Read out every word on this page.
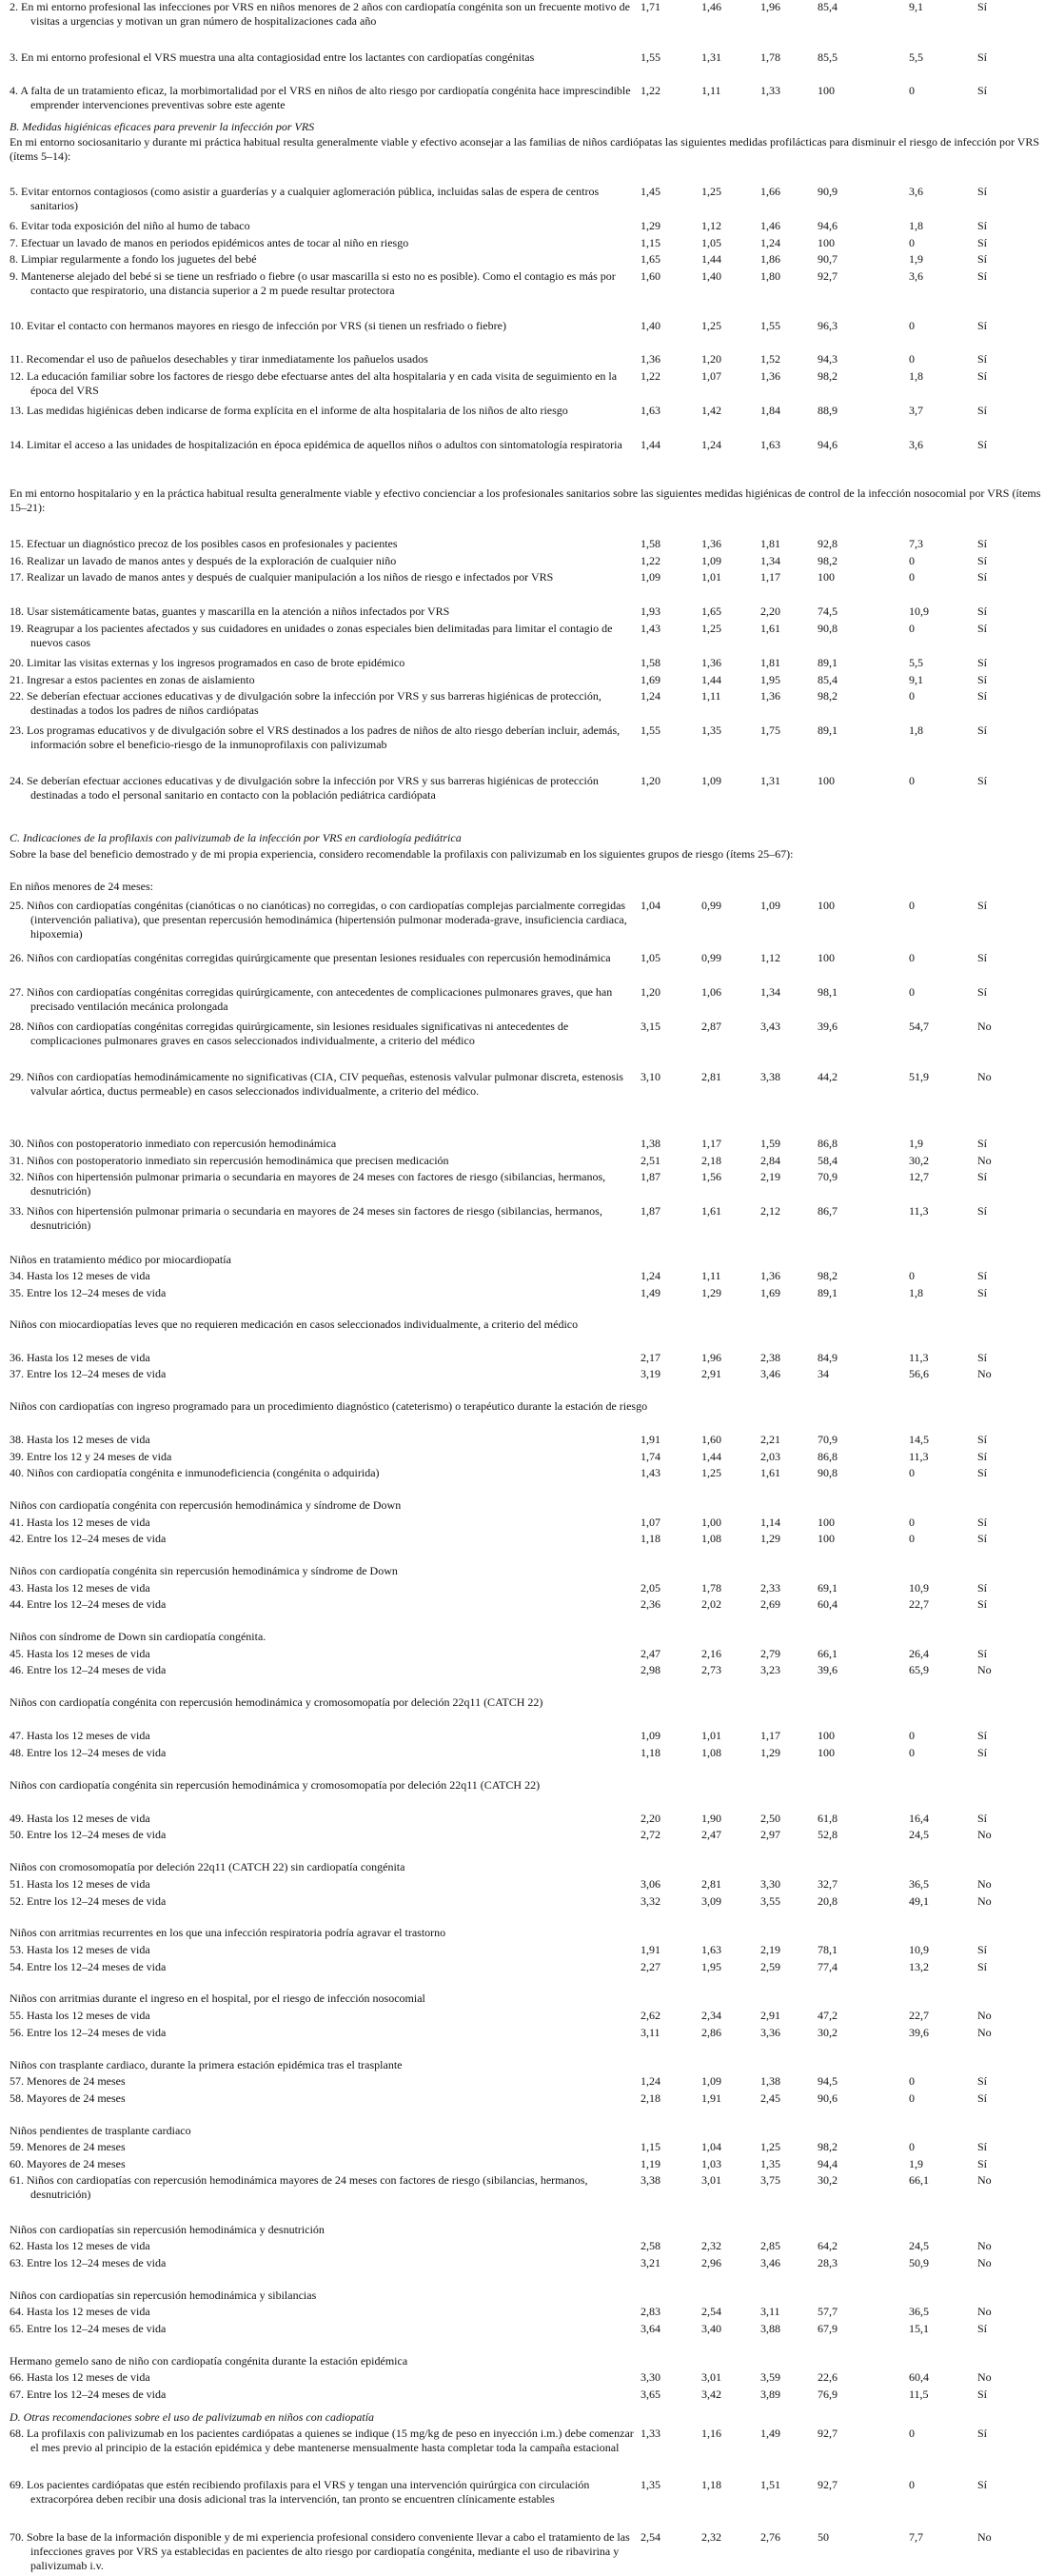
2. En mi entorno profesional las infecciones por VRS en niños menores de 2 años con cardiopatía congénita son un frecuente motivo de visitas a urgencias y motivan un gran número de hospitalizaciones cada año
1,71	1,46	1,96	85,4	9,1	Sí
3. En mi entorno profesional el VRS muestra una alta contagiosidad entre los lactantes con cardiopatías congénitas	1,55	1,31	1,78	85,5	5,5	Sí
4. A falta de un tratamiento eficaz, la morbimortalidad por el VRS en niños de alto riesgo por cardiopatía congénita hace imprescindible emprender intervenciones preventivas sobre este agente
1,22	1,11	1,33	100	0	Sí
B. Medidas higiénicas eficaces para prevenir la infección por VRS
En mi entorno sociosanitario y durante mi práctica habitual resulta generalmente viable y efectivo aconsejar a las familias de niños cardiópatas las siguientes medidas profilácticas para disminuir el riesgo de infección por VRS (ítems 5–14):
5. Evitar entornos contagiosos (como asistir a guarderías y a cualquier aglomeración pública, incluidas salas de espera de centros sanitarios)
1,45	1,25	1,66	90,9	3,6	Sí
6. Evitar toda exposición del niño al humo de tabaco	1,29	1,12	1,46	94,6	1,8	Sí
7. Efectuar un lavado de manos en periodos epidémicos antes de tocar al niño en riesgo	1,15	1,05	1,24	100	0	Sí
8. Limpiar regularmente a fondo los juguetes del bebé	1,65	1,44	1,86	90,7	1,9	Sí
9. Mantenerse alejado del bebé si se tiene un resfriado o fiebre (o usar mascarilla si esto no es posible). Como el contagio es más por contacto que respiratorio, una distancia superior a 2 m puede resultar protectora
1,60	1,40	1,80	92,7	3,6	Sí
10. Evitar el contacto con hermanos mayores en riesgo de infección por VRS (si tienen un resfriado o fiebre)	1,40	1,25	1,55	96,3	0	Sí
11. Recomendar el uso de pañuelos desechables y tirar inmediatamente los pañuelos usados	1,36	1,20	1,52	94,3	0	Sí
12. La educación familiar sobre los factores de riesgo debe efectuarse antes del alta hospitalaria y en cada visita de seguimiento en la época del VRS
1,22	1,07	1,36	98,2	1,8	Sí
13. Las medidas higiénicas deben indicarse de forma explícita en el informe de alta hospitalaria de los niños de alto riesgo	1,63	1,42	1,84	88,9	3,7	Sí
14. Limitar el acceso a las unidades de hospitalización en época epidémica de aquellos niños o adultos con sintomatología respiratoria	1,44	1,24	1,63	94,6	3,6	Sí
En mi entorno hospitalario y en la práctica habitual resulta generalmente viable y efectivo concienciar a los profesionales sanitarios sobre las siguientes medidas higiénicas de control de la infección nosocomial por VRS (ítems 15–21):
15. Efectuar un diagnóstico precoz de los posibles casos en profesionales y pacientes	1,58	1,36	1,81	92,8	7,3	Sí
16. Realizar un lavado de manos antes y después de la exploración de cualquier niño	1,22	1,09	1,34	98,2	0	Sí
17. Realizar un lavado de manos antes y después de cualquier manipulación a los niños de riesgo e infectados por VRS	1,09	1,01	1,17	100	0	Sí
18. Usar sistemáticamente batas, guantes y mascarilla en la atención a niños infectados por VRS	1,93	1,65	2,20	74,5	10,9	Sí
19. Reagrupar a los pacientes afectados y sus cuidadores en unidades o zonas especiales bien delimitadas para limitar el contagio de nuevos casos
1,43	1,25	1,61	90,8	0	Sí
20. Limitar las visitas externas y los ingresos programados en caso de brote epidémico	1,58	1,36	1,81	89,1	5,5	Sí
21. Ingresar a estos pacientes en zonas de aislamiento	1,69	1,44	1,95	85,4	9,1	Sí
22. Se deberían efectuar acciones educativas y de divulgación sobre la infección por VRS y sus barreras higiénicas de protección, destinadas a todos los padres de niños cardiópatas
1,24	1,11	1,36	98,2	0	Sí
23. Los programas educativos y de divulgación sobre el VRS destinados a los padres de niños de alto riesgo deberían incluir, además, información sobre el beneficio-riesgo de la inmunoprofilaxis con palivizumab
1,55	1,35	1,75	89,1	1,8	Sí
24. Se deberían efectuar acciones educativas y de divulgación sobre la infección por VRS y sus barreras higiénicas de protección destinadas a todo el personal sanitario en contacto con la población pediátrica cardiópata
1,20	1,09	1,31	100	0	Sí
C. Indicaciones de la profilaxis con palivizumab de la infección por VRS en cardiología pediátrica
Sobre la base del beneficio demostrado y de mi propia experiencia, considero recomendable la profilaxis con palivizumab en los siguientes grupos de riesgo (ítems 25–67):
En niños menores de 24 meses:
25. Niños con cardiopatías congénitas (cianóticas o no cianóticas) no corregidas, o con cardiopatías complejas parcialmente corregidas (intervención paliativa), que presentan repercusión hemodinámica (hipertensión pulmonar moderada-grave, insuficiencia cardiaca, hipoxemia)
1,04	0,99	1,09	100	0	Sí
26. Niños con cardiopatías congénitas corregidas quirúrgicamente que presentan lesiones residuales con repercusión hemodinámica	1,05	0,99	1,12	100	0	Sí
27. Niños con cardiopatías congénitas corregidas quirúrgicamente, con antecedentes de complicaciones pulmonares graves, que han precisado ventilación mecánica prolongada
1,20	1,06	1,34	98,1	0	Sí
28. Niños con cardiopatías congénitas corregidas quirúrgicamente, sin lesiones residuales significativas ni antecedentes de complicaciones pulmonares graves en casos seleccionados individualmente, a criterio del médico
3,15	2,87	3,43	39,6	54,7	No
29. Niños con cardiopatías hemodinámicamente no significativas (CIA, CIV pequeñas, estenosis valvular pulmonar discreta, estenosis valvular aórtica, ductus permeable) en casos seleccionados individualmente, a criterio del médico.
3,10	2,81	3,38	44,2	51,9	No
30. Niños con postoperatorio inmediato con repercusión hemodinámica	1,38	1,17	1,59	86,8	1,9	Sí
31. Niños con postoperatorio inmediato sin repercusión hemodinámica que precisen medicación	2,51	2,18	2,84	58,4	30,2	No
32. Niños con hipertensión pulmonar primaria o secundaria en mayores de 24 meses con factores de riesgo (sibilancias, hermanos, desnutrición)
1,87	1,56	2,19	70,9	12,7	Sí
33. Niños con hipertensión pulmonar primaria o secundaria en mayores de 24 meses sin factores de riesgo (sibilancias, hermanos, desnutrición)
1,87	1,61	2,12	86,7	11,3	Sí
Niños en tratamiento médico por miocardiopatía
34. Hasta los 12 meses de vida	1,24	1,11	1,36	98,2	0	Sí
35. Entre los 12–24 meses de vida	1,49	1,29	1,69	89,1	1,8	Sí
Niños con miocardiopatías leves que no requieren medicación en casos seleccionados individualmente, a criterio del médico
36. Hasta los 12 meses de vida	2,17	1,96	2,38	84,9	11,3	Sí
37. Entre los 12–24 meses de vida	3,19	2,91	3,46	34	56,6	No
Niños con cardiopatías con ingreso programado para un procedimiento diagnóstico (cateterismo) o terapéutico durante la estación de riesgo
38. Hasta los 12 meses de vida	1,91	1,60	2,21	70,9	14,5	Sí
39. Entre los 12 y 24 meses de vida	1,74	1,44	2,03	86,8	11,3	Sí
40. Niños con cardiopatía congénita e inmunodeficiencia (congénita o adquirida)	1,43	1,25	1,61	90,8	0	Sí
Niños con cardiopatía congénita con repercusión hemodinámica y síndrome de Down
41. Hasta los 12 meses de vida	1,07	1,00	1,14	100	0	Sí
42. Entre los 12–24 meses de vida	1,18	1,08	1,29	100	0	Sí
Niños con cardiopatía congénita sin repercusión hemodinámica y síndrome de Down
43. Hasta los 12 meses de vida	2,05	1,78	2,33	69,1	10,9	Sí
44. Entre los 12–24 meses de vida	2,36	2,02	2,69	60,4	22,7	Sí
Niños con síndrome de Down sin cardiopatía congénita.
45. Hasta los 12 meses de vida	2,47	2,16	2,79	66,1	26,4	Sí
46. Entre los 12–24 meses de vida	2,98	2,73	3,23	39,6	65,9	No
Niños con cardiopatía congénita con repercusión hemodinámica y cromosomopatía por deleción 22q11 (CATCH 22)
47. Hasta los 12 meses de vida	1,09	1,01	1,17	100	0	Sí
48. Entre los 12–24 meses de vida	1,18	1,08	1,29	100	0	Sí
Niños con cardiopatía congénita sin repercusión hemodinámica y cromosomopatía por deleción 22q11 (CATCH 22)
49. Hasta los 12 meses de vida	2,20	1,90	2,50	61,8	16,4	Sí
50. Entre los 12–24 meses de vida	2,72	2,47	2,97	52,8	24,5	No
Niños con cromosomopatía por deleción 22q11 (CATCH 22) sin cardiopatía congénita
51. Hasta los 12 meses de vida	3,06	2,81	3,30	32,7	36,5	No
52. Entre los 12–24 meses de vida	3,32	3,09	3,55	20,8	49,1	No
Niños con arritmias recurrentes en los que una infección respiratoria podría agravar el trastorno
53. Hasta los 12 meses de vida	1,91	1,63	2,19	78,1	10,9	Sí
54. Entre los 12–24 meses de vida	2,27	1,95	2,59	77,4	13,2	Sí
Niños con arritmias durante el ingreso en el hospital, por el riesgo de infección nosocomial
55. Hasta los 12 meses de vida	2,62	2,34	2,91	47,2	22,7	No
56. Entre los 12–24 meses de vida	3,11	2,86	3,36	30,2	39,6	No
Niños con trasplante cardiaco, durante la primera estación epidémica tras el trasplante
57. Menores de 24 meses	1,24	1,09	1,38	94,5	0	Sí
58. Mayores de 24 meses	2,18	1,91	2,45	90,6	0	Sí
Niños pendientes de trasplante cardiaco
59. Menores de 24 meses	1,15	1,04	1,25	98,2	0	Sí
60. Mayores de 24 meses	1,19	1,03	1,35	94,4	1,9	Sí
61. Niños con cardiopatías con repercusión hemodinámica mayores de 24 meses con factores de riesgo (sibilancias, hermanos, desnutrición)
3,38	3,01	3,75	30,2	66,1	No
Niños con cardiopatías sin repercusión hemodinámica y desnutrición
62. Hasta los 12 meses de vida	2,58	2,32	2,85	64,2	24,5	No
63. Entre los 12–24 meses de vida	3,21	2,96	3,46	28,3	50,9	No
Niños con cardiopatías sin repercusión hemodinámica y sibilancias
64. Hasta los 12 meses de vida	2,83	2,54	3,11	57,7	36,5	No
65. Entre los 12–24 meses de vida	3,64	3,40	3,88	67,9	15,1	Sí
Hermano gemelo sano de niño con cardiopatía congénita durante la estación epidémica
66. Hasta los 12 meses de vida	3,30	3,01	3,59	22,6	60,4	No
67. Entre los 12–24 meses de vida	3,65	3,42	3,89	76,9	11,5	Sí
D. Otras recomendaciones sobre el uso de palivizumab en niños con cadiopatía
68. La profilaxis con palivizumab en los pacientes cardiópatas a quienes se indique (15 mg/kg de peso en inyección i.m.) debe comenzar el mes previo al principio de la estación epidémica y debe mantenerse mensualmente hasta completar toda la campaña estacional
1,33	1,16	1,49	92,7	0	Sí
69. Los pacientes cardiópatas que estén recibiendo profilaxis para el VRS y tengan una intervención quirúrgica con circulación extracorpórea deben recibir una dosis adicional tras la intervención, tan pronto se encuentren clínicamente estables
1,35	1,18	1,51	92,7	0	Sí
70. Sobre la base de la información disponible y de mi experiencia profesional considero conveniente llevar a cabo el tratamiento de las infecciones graves por VRS ya establecidas en pacientes de alto riesgo por cardiopatía congénita, mediante el uso de ribavirina y palivizumab i.v.
2,54	2,32	2,76	50	7,7	No
